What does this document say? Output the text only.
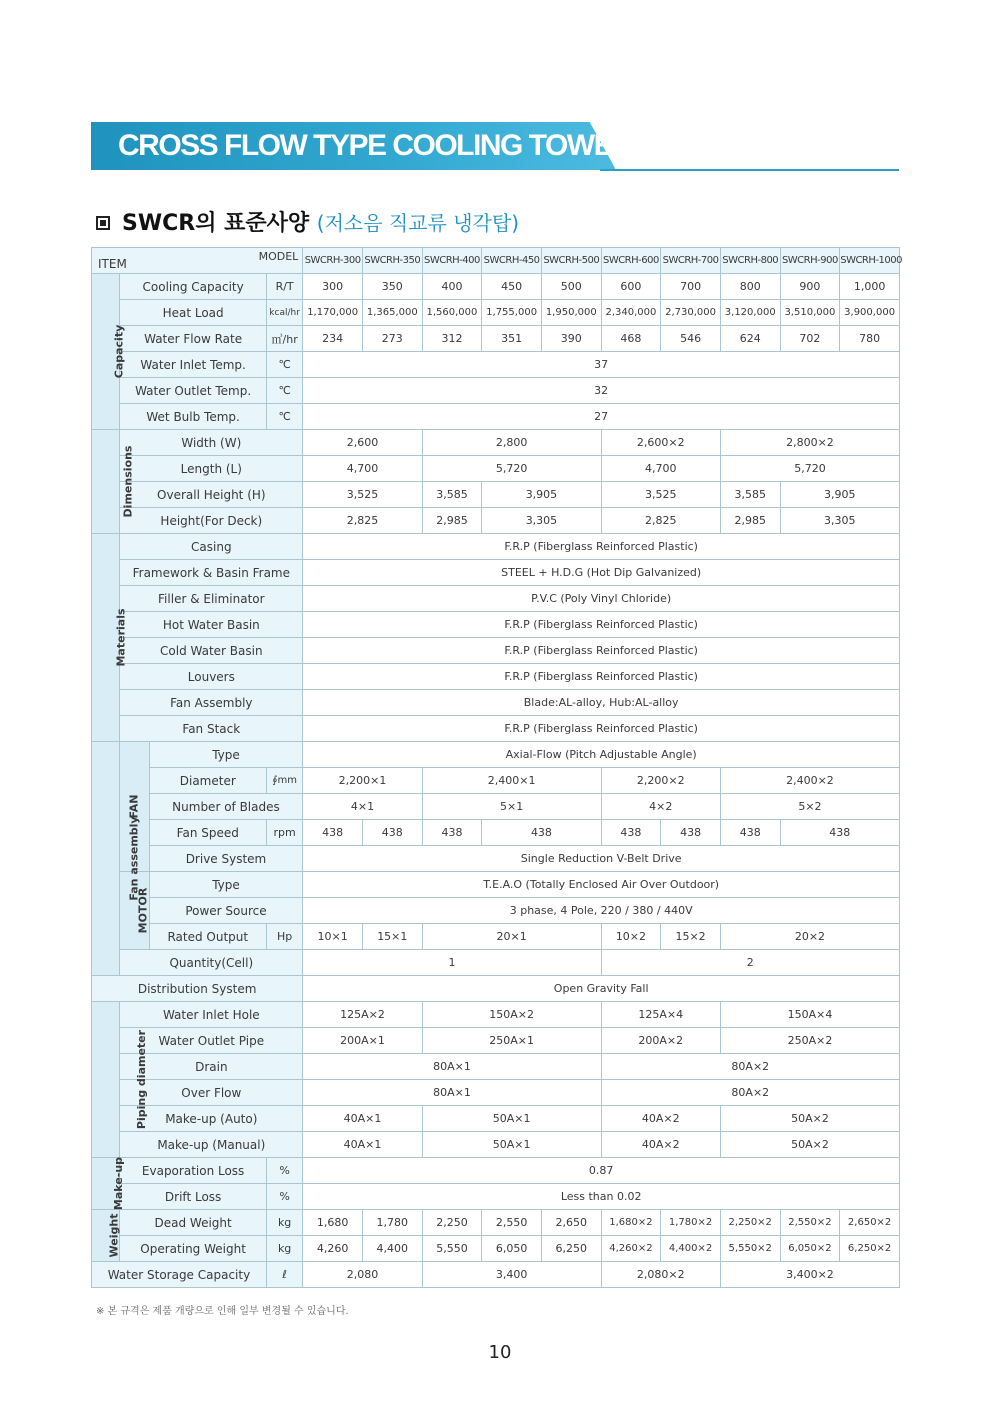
CROSS FLOW TYPE COOLING TOWER
SWCR의 표준사양 (저소음 직교류 냉각탑)
MODEL
ITEM				SWCRH-300	SWCRH-350	SWCRH-400	SWCRH-450	SWCRH-500	SWCRH-600	SWCRH-700	SWCRH-800	SWCRH-900	SWCRH-1000
Capacity	Cooling Capacity		R/T	300	350	400	450	500	600	700	800	900	1,000
	Heat Load		kcal/hr	1,170,000	1,365,000	1,560,000	1,755,000	1,950,000	2,340,000	2,730,000	3,120,000	3,510,000	3,900,000
	Water Flow Rate		㎥/hr	234	273	312	351	390	468	546	624	702	780
	Water Inlet Temp.		℃	37									
	Water Outlet Temp.		℃	32									
	Wet Bulb Temp.		℃	27									
Dimensions	Width (W)			2,600		2,800			2,600×2		2,800×2		
	Length (L)			4,700		5,720			4,700		5,720		
	Overall Height (H)			3,525		3,585	3,905		3,525		3,585	3,905	
	Height(For Deck)			2,825		2,985	3,305		2,825		2,985	3,305	
Materials	Casing			F.R.P (Fiberglass Reinforced Plastic)									
	Framework & Basin Frame			STEEL + H.D.G (Hot Dip Galvanized)									
	Filler & Eliminator			P.V.C (Poly Vinyl Chloride)									
	Hot Water Basin			F.R.P (Fiberglass Reinforced Plastic)									
	Cold Water Basin			F.R.P (Fiberglass Reinforced Plastic)									
	Louvers			F.R.P (Fiberglass Reinforced Plastic)									
	Fan Assembly			Blade:AL-alloy, Hub:AL-alloy									
	Fan Stack			F.R.P (Fiberglass Reinforced Plastic)									
Fan assembly	FAN	Type		Axial-Flow (Pitch Adjustable Angle)									
		Diameter	∮mm	2,200×1		2,400×1			2,200×2		2,400×2		
		Number of Blades		4×1		5×1			4×2		5×2		
		Fan Speed	rpm	438	438	438	438		438	438	438	438	
		Drive System		Single Reduction V-Belt Drive									
	MOTOR	Type		T.E.A.O (Totally Enclosed Air Over Outdoor)									
		Power Source		3 phase, 4 Pole, 220 / 380 / 440V									
		Rated Output	Hp	10×1	15×1	20×1			10×2	15×2	20×2		
	Quantity(Cell)			1					2				
Distribution System				Open Gravity Fall									
Piping diameter	Water Inlet Hole			125A×2		150A×2			125A×4		150A×4		
	Water Outlet Pipe			200A×1		250A×1			200A×2		250A×2		
	Drain			80A×1					80A×2				
	Over Flow			80A×1					80A×2				
	Make-up (Auto)			40A×1		50A×1			40A×2		50A×2		
	Make-up (Manual)			40A×1		50A×1			40A×2		50A×2		
Make-up	Evaporation Loss		%	0.87									
	Drift Loss		%	Less than 0.02									
Weight	Dead Weight		kg	1,680	1,780	2,250	2,550	2,650	1,680×2	1,780×2	2,250×2	2,550×2	2,650×2
	Operating Weight		kg	4,260	4,400	5,550	6,050	6,250	4,260×2	4,400×2	5,550×2	6,050×2	6,250×2
Water Storage Capacity			ℓ	2,080		3,400			2,080×2		3,400×2		
※ 본 규격은 제품 개량으로 인해 일부 변경될 수 있습니다.
10
